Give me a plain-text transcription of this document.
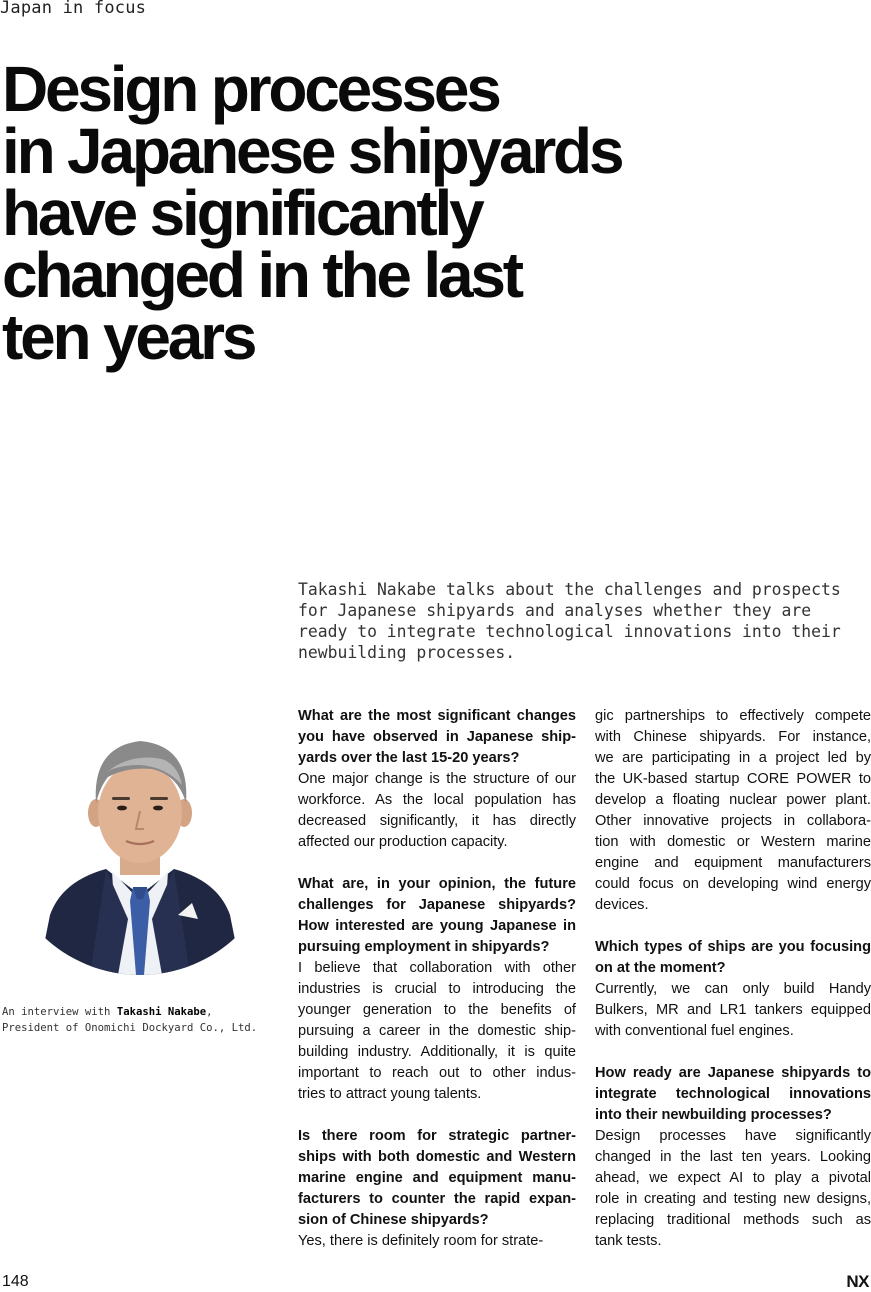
Japan in focus
Design processes
in Japanese shipyards
have significantly
changed in the last
ten years

Takashi Nakabe talks about the challenges and prospects
for Japanese shipyards and analyses whether they are
ready to integrate technological innovations into their
newbuilding processes.

An interview with Takashi Nakabe,
President of Onomichi Dockyard Co., Ltd.
What are the most significant changes
you have observed in Japanese ship-
yards over the last 15-20 years?
One major change is the structure of our
workforce. As the local population has
decreased significantly, it has directly
affected our production capacity.
What are, in your opinion, the future
challenges for Japanese shipyards?
How interested are young Japanese in
pursuing employment in shipyards?
I believe that collaboration with other
industries is crucial to introducing the
younger generation to the benefits of
pursuing a career in the domestic ship-
building industry. Additionally, it is quite
important to reach out to other indus-
tries to attract young talents.
Is there room for strategic partner-
ships with both domestic and Western
marine engine and equipment manu-
facturers to counter the rapid expan-
sion of Chinese shipyards?
Yes, there is definitely room for strate-
gic partnerships to effectively compete
with Chinese shipyards. For instance,
we are participating in a project led by
the UK-based startup CORE POWER to
develop a floating nuclear power plant.
Other innovative projects in collabora-
tion with domestic or Western marine
engine and equipment manufacturers
could focus on developing wind energy
devices.
Which types of ships are you focusing
on at the moment?
Currently, we can only build Handy
Bulkers, MR and LR1 tankers equipped
with conventional fuel engines.
How ready are Japanese shipyards to
integrate technological innovations
into their newbuilding processes?
Design processes have significantly
changed in the last ten years. Looking
ahead, we expect AI to play a pivotal
role in creating and testing new designs,
replacing traditional methods such as
tank tests.
148	NX
